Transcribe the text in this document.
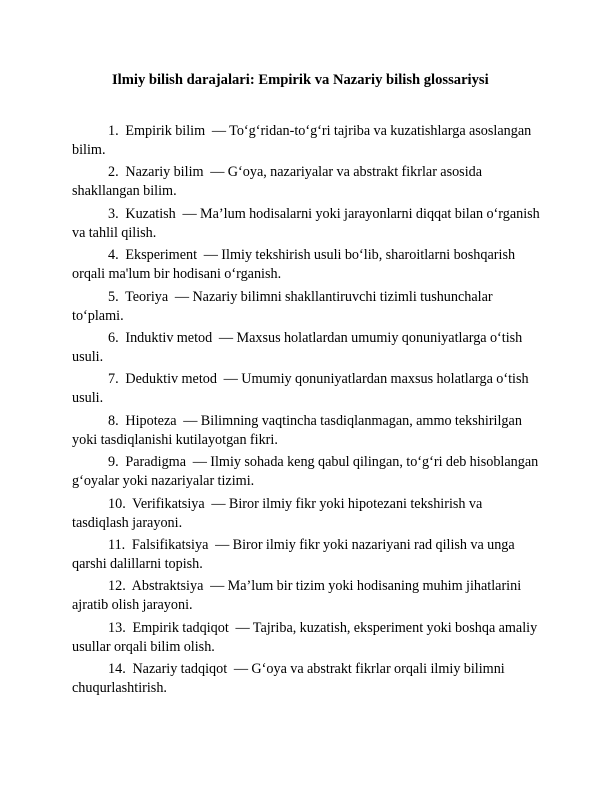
Ilmiy bilish darajalari: Empirik va Nazariy bilish glossariysi
1. Empirik bilim  — To‘g‘ridan-to‘g‘ri tajriba va kuzatishlarga asoslangan bilim.
2. Nazariy bilim  — G‘oya, nazariyalar va abstrakt fikrlar asosida shakllangan bilim.
3. Kuzatish  — Ma’lum hodisalarni yoki jarayonlarni diqqat bilan o‘rganish va tahlil qilish.
4. Eksperiment  — Ilmiy tekshirish usuli bo‘lib, sharoitlarni boshqarish orqali ma'lum bir hodisani o‘rganish.
5. Teoriya  — Nazariy bilimni shakllantiruvchi tizimli tushunchalar to‘plami.
6. Induktiv metod  — Maxsus holatlardan umumiy qonuniyatlarga o‘tish usuli.
7. Deduktiv metod  — Umumiy qonuniyatlardan maxsus holatlarga o‘tish usuli.
8. Hipoteza  — Bilimning vaqtincha tasdiqlanmagan, ammo tekshirilgan yoki tasdiqlanishi kutilayotgan fikri.
9. Paradigma  — Ilmiy sohada keng qabul qilingan, to‘g‘ri deb hisoblangan g‘oyalar yoki nazariyalar tizimi.
10. Verifikatsiya  — Biror ilmiy fikr yoki hipotezani tekshirish va tasdiqlash jarayoni.
11. Falsifikatsiya  — Biror ilmiy fikr yoki nazariyani rad qilish va unga qarshi dalillarni topish.
12. Abstraktsiya  — Ma’lum bir tizim yoki hodisaning muhim jihatlarini ajratib olish jarayoni.
13. Empirik tadqiqot  — Tajriba, kuzatish, eksperiment yoki boshqa amaliy usullar orqali bilim olish.
14. Nazariy tadqiqot  — G‘oya va abstrakt fikrlar orqali ilmiy bilimni chuqurlashtirish.
